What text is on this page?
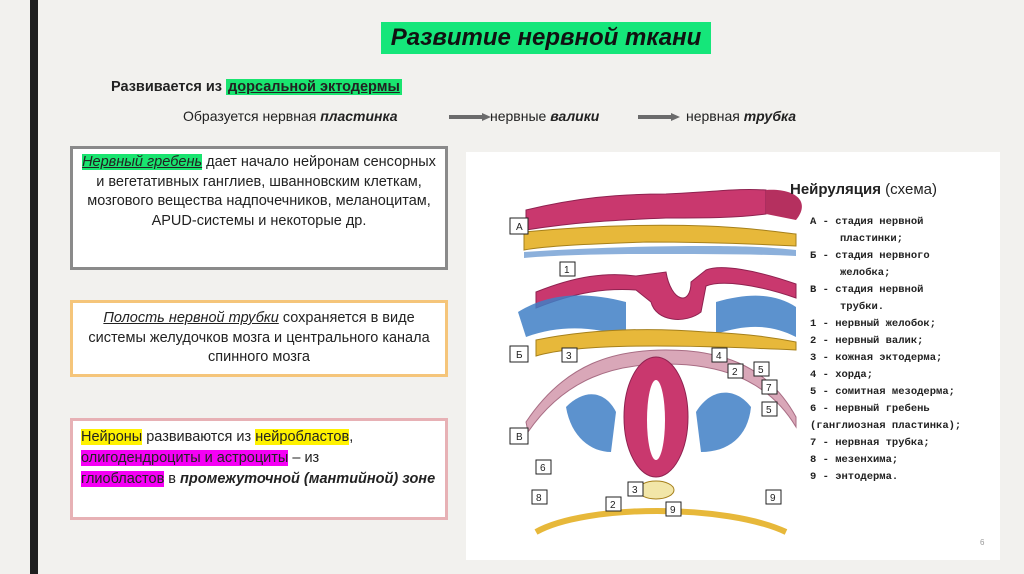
Развитие нервной ткани
Развивается из дорсальной эктодермы
Образуется нервная пластинка	нервные валики	нервная трубка
Нервный гребень дает начало нейронам сенсорных и вегетативных ганглиев, шванновским клеткам, мозгового вещества надпочечников, меланоцитам, APUD-системы и некоторые др.
Полость нервной трубки сохраняется в виде системы желудочков мозга и центрального канала спинного мозга
Нейроны развиваются из нейробластов,
олигодендроциты и астроциты – из
глиобластов в промежуточной (мантийной) зоне
А
Б
В
1
2
2
3
3	4
5
5
6
7
8
9
9
Нейруляция (схема)
А - стадия нервной
пластинки;
Б - стадия нервного
желобка;
В - стадия нервной
трубки.
1 - нервный желобок;
2 - нервный валик;
3 - кожная эктодерма;
4 - хорда;
5 - сомитная мезодерма;
6 - нервный гребень
(ганглиозная пластинка);
7 - нервная трубка;
8 - мезенхима;
9 - энтодерма.
6
